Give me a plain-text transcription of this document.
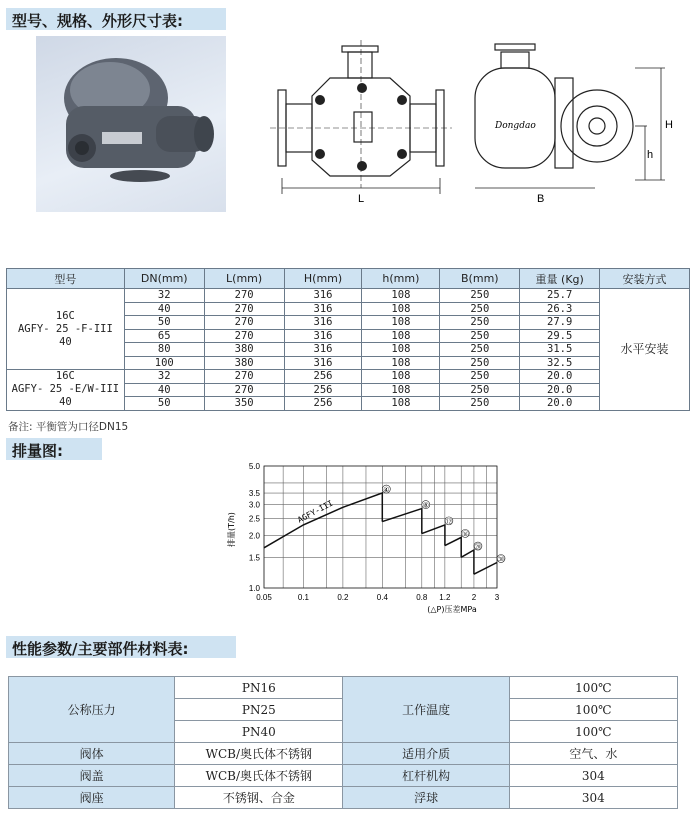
型号、规格、外形尺寸表:
L
Dongdao
B
H
h
型号	DN(mm)	L(mm)	H(mm)	h(mm)	B(mm)	重量 (Kg)	安装方式

16C
AGFY- 25 -F-III
40	32	270	316	108	250	25.7	水平安装
	40	270	316	108	250	26.3	
	50	270	316	108	250	27.9	
	65	270	316	108	250	29.5	
	80	380	316	108	250	31.5	
	100	380	316	108	250	32.5	

16C
AGFY- 25 -E/W-III
40	32	270	256	108	250	20.0	
	40	270	256	108	250	20.0	
	50	350	256	108	250	20.0	
备注: 平衡管为口径DN15
排量图:
0.05	0.1	0.2	0.4	0.8 1.2	2 3
1.0
1.5
2.0
2.5
3.0
3.5
5.0
排量(T/h)
(△P)压差MPa
④
⑧
⑫
⑯
⑳
㉚
AGFY-III
性能参数/主要部件材料表:
公称压力	PN16	工作温度	100℃
	PN25		100℃
	PN40		100℃
阀体	WCB/奥氏体不锈钢	适用介质	空气、水
阀盖	WCB/奥氏体不锈钢	杠杆机构	304
阀座	不锈钢、合金	浮球	304
